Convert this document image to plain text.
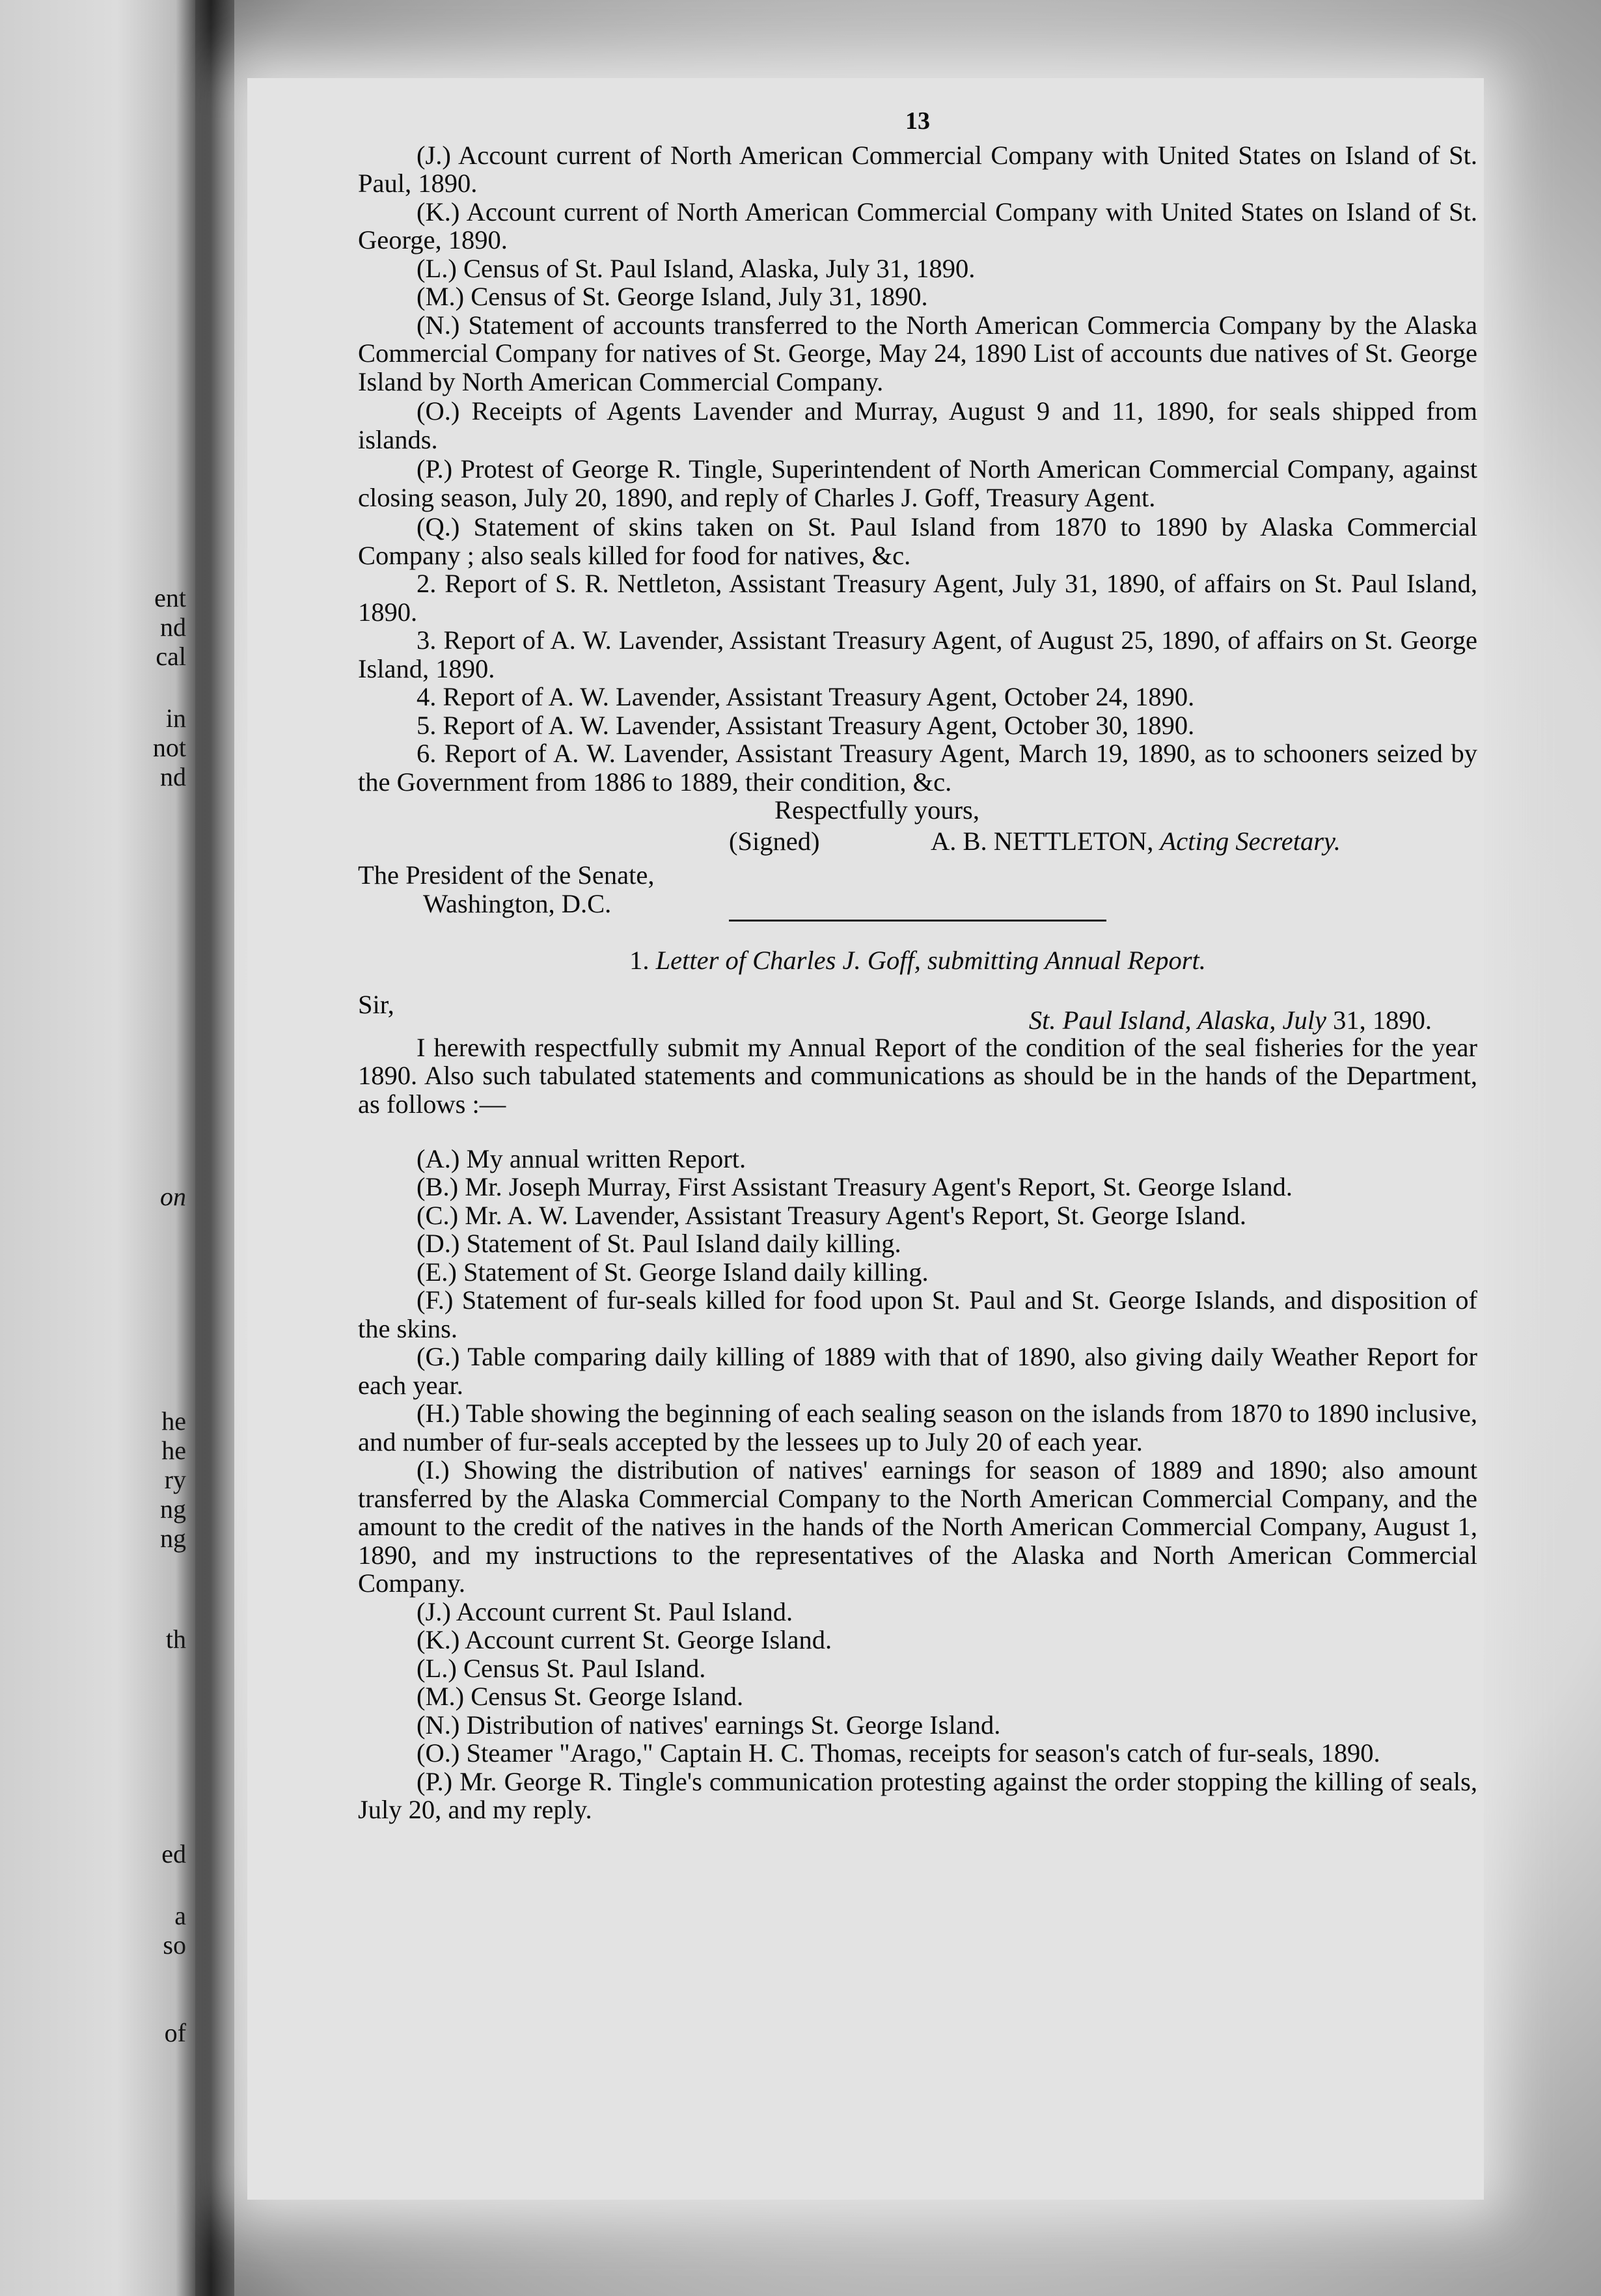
ent
nd
cal
in
not
nd
on
he
he
ry
ng
ng
th
ed
a
so
of
13

(J.) Account current of North American Commercial Company with United States on Island of St. Paul, 1890.

(K.) Account current of North American Commercial Company with United States on Island of St. George, 1890.

(L.) Census of St. Paul Island, Alaska, July 31, 1890.

(M.) Census of St. George Island, July 31, 1890.

(N.) Statement of accounts transferred to the North American Commercia Company by the Alaska Commercial Company for natives of St. George, May 24, 1890 List of accounts due natives of St. George Island by North American Commercial Company.

(O.) Receipts of Agents Lavender and Murray, August 9 and 11, 1890, for seals shipped from islands.

(P.) Protest of George R. Tingle, Superintendent of North American Commercial Company, against closing season, July 20, 1890, and reply of Charles J. Goff, Treasury Agent.

(Q.) Statement of skins taken on St. Paul Island from 1870 to 1890 by Alaska Commercial Company ; also seals killed for food for natives, &c.

2. Report of S. R. Nettleton, Assistant Treasury Agent, July 31, 1890, of affairs on St. Paul Island, 1890.

3. Report of A. W. Lavender, Assistant Treasury Agent, of August 25, 1890, of affairs on St. George Island, 1890.

4. Report of A. W. Lavender, Assistant Treasury Agent, October 24, 1890.

5. Report of A. W. Lavender, Assistant Treasury Agent, October 30, 1890.

6. Report of A. W. Lavender, Assistant Treasury Agent, March 19, 1890, as to schooners seized by the Government from 1886 to 1889, their condition, &c.

Respectfully yours,
(Signed)	A. B. NETTLETON, Acting Secretary.
The President of the Senate,
Washington, D.C.
1. Letter of Charles J. Goff, submitting Annual Report.
Sir,
St. Paul Island, Alaska, July 31, 1890.

I herewith respectfully submit my Annual Report of the condition of the seal fisheries for the year 1890. Also such tabulated statements and communications as should be in the hands of the Department, as follows :—

(A.) My annual written Report.

(B.) Mr. Joseph Murray, First Assistant Treasury Agent's Report, St. George Island.

(C.) Mr. A. W. Lavender, Assistant Treasury Agent's Report, St. George Island.

(D.) Statement of St. Paul Island daily killing.

(E.) Statement of St. George Island daily killing.

(F.) Statement of fur-seals killed for food upon St. Paul and St. George Islands, and disposition of the skins.

(G.) Table comparing daily killing of 1889 with that of 1890, also giving daily Weather Report for each year.

(H.) Table showing the beginning of each sealing season on the islands from 1870 to 1890 inclusive, and number of fur-seals accepted by the lessees up to July 20 of each year.

(I.) Showing the distribution of natives' earnings for season of 1889 and 1890; also amount transferred by the Alaska Commercial Company to the North American Commercial Company, and the amount to the credit of the natives in the hands of the North American Commercial Company, August 1, 1890, and my instructions to the representatives of the Alaska and North American Commercial Company.

(J.) Account current St. Paul Island.

(K.) Account current St. George Island.

(L.) Census St. Paul Island.

(M.) Census St. George Island.

(N.) Distribution of natives' earnings St. George Island.

(O.) Steamer "Arago," Captain H. C. Thomas, receipts for season's catch of fur-seals, 1890.

(P.) Mr. George R. Tingle's communication protesting against the order stopping the killing of seals, July 20, and my reply.
